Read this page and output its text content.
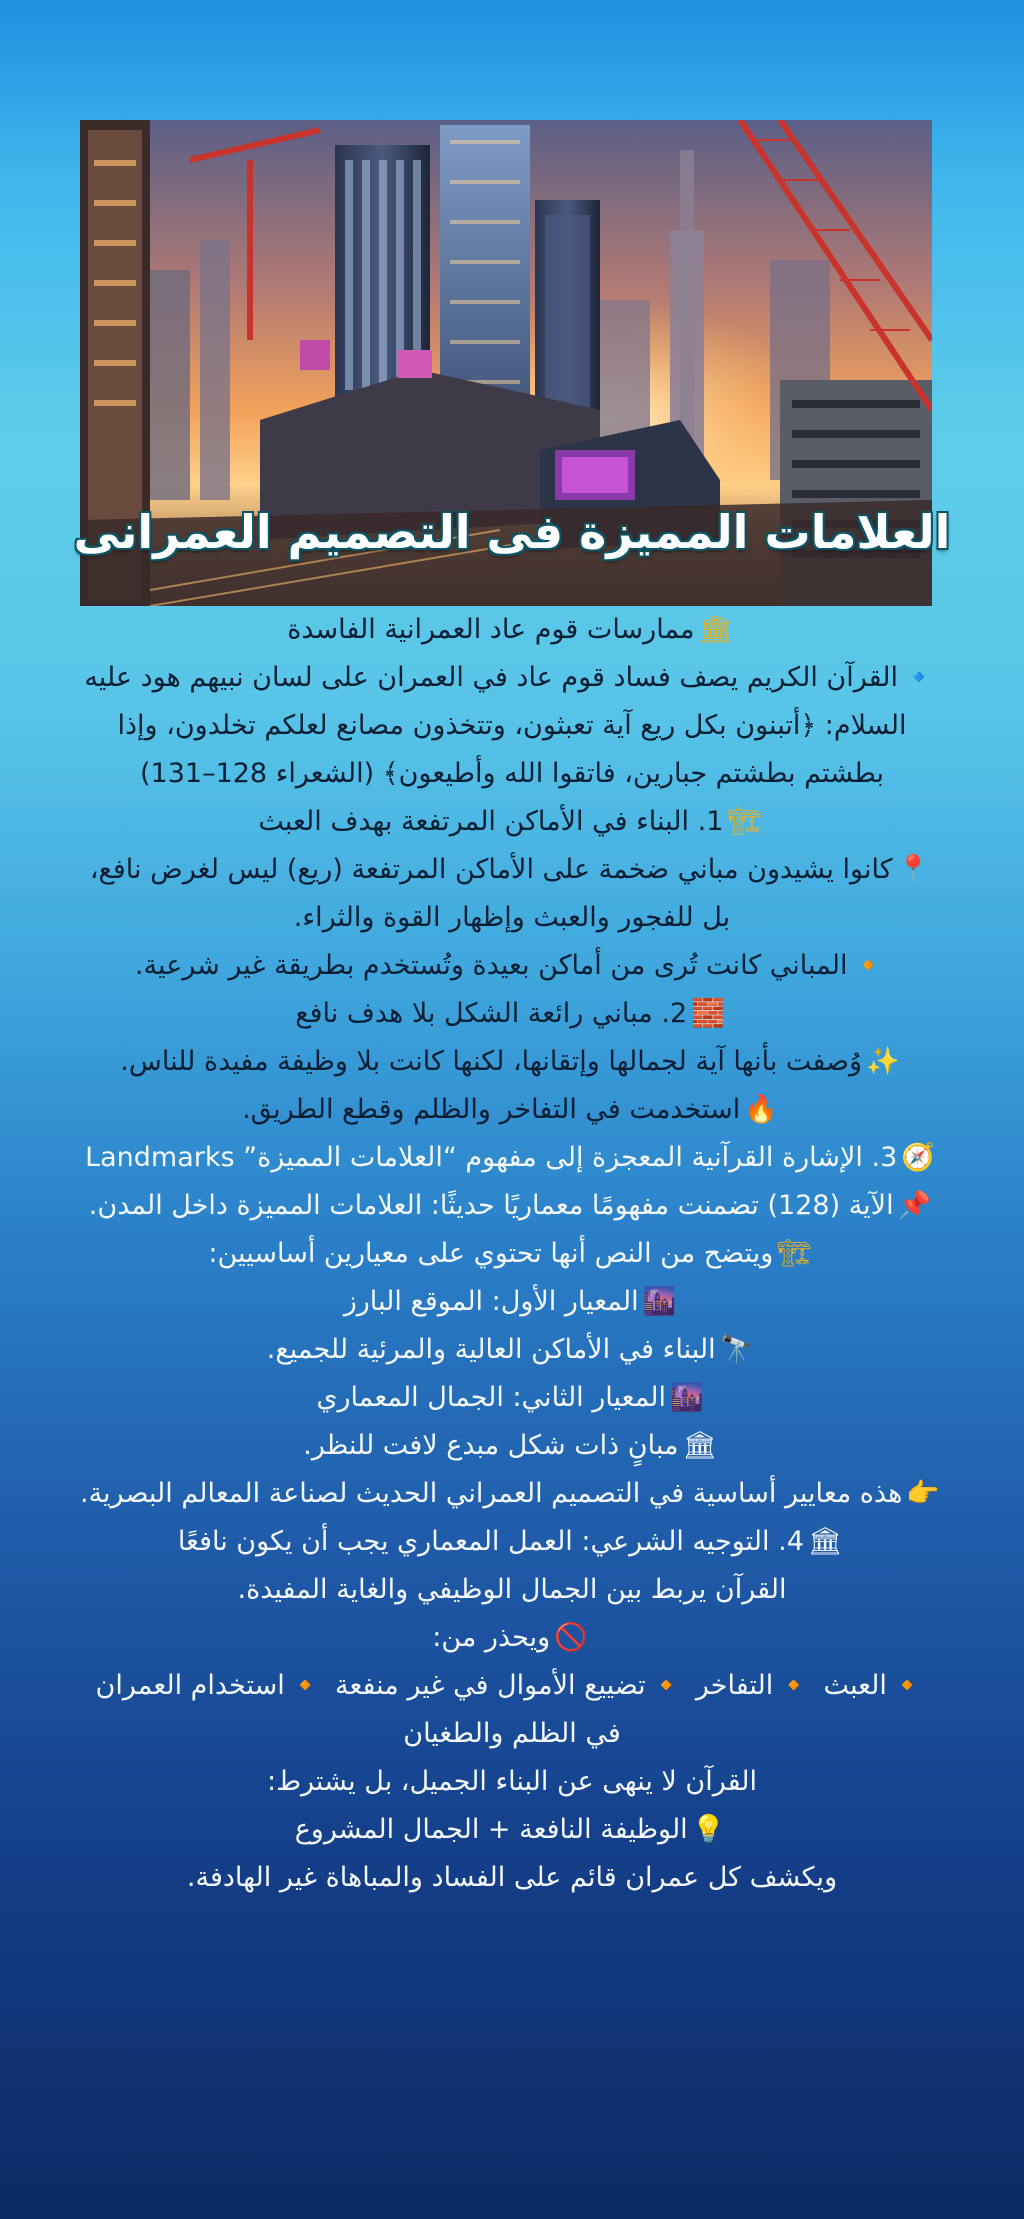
العلامات المميزة فى التصميم العمرانى
🏛ممارسات قوم عاد العمرانية الفاسدة
🔹القرآن الكريم يصف فساد قوم عاد في العمران على لسان نبيهم هود عليه
السلام: ﴿أتبنون بكل ريع آية تعبثون، وتتخذون مصانع لعلكم تخلدون، وإذا
بطشتم بطشتم جبارين، فاتقوا الله وأطيعون﴾ (الشعراء 128–131)
🏗1. البناء في الأماكن المرتفعة بهدف العبث
📍كانوا يشيدون مباني ضخمة على الأماكن المرتفعة (ريع) ليس لغرض نافع،
بل للفجور والعبث وإظهار القوة والثراء.
🔸المباني كانت تُرى من أماكن بعيدة وتُستخدم بطريقة غير شرعية.
🧱2. مباني رائعة الشكل بلا هدف نافع
✨وُصفت بأنها آية لجمالها وإتقانها، لكنها كانت بلا وظيفة مفيدة للناس.
🔥استخدمت في التفاخر والظلم وقطع الطريق.
🧭3. الإشارة القرآنية المعجزة إلى مفهوم “العلامات المميزة” Landmarks
📌الآية (128) تضمنت مفهومًا معماريًا حديثًا: العلامات المميزة داخل المدن.
🏗ويتضح من النص أنها تحتوي على معيارين أساسيين:
🌆المعيار الأول: الموقع البارز
🔭البناء في الأماكن العالية والمرئية للجميع.
🌆المعيار الثاني: الجمال المعماري
🏛مبانٍ ذات شكل مبدع لافت للنظر.
👉هذه معايير أساسية في التصميم العمراني الحديث لصناعة المعالم البصرية.
🏛4. التوجيه الشرعي: العمل المعماري يجب أن يكون نافعًا
القرآن يربط بين الجمال الوظيفي والغاية المفيدة.
🚫ويحذر من:
🔸العبث 🔸التفاخر 🔸تضييع الأموال في غير منفعة 🔸استخدام العمران
في الظلم والطغيان
القرآن لا ينهى عن البناء الجميل، بل يشترط:
💡الوظيفة النافعة + الجمال المشروع
ويكشف كل عمران قائم على الفساد والمباهاة غير الهادفة.
